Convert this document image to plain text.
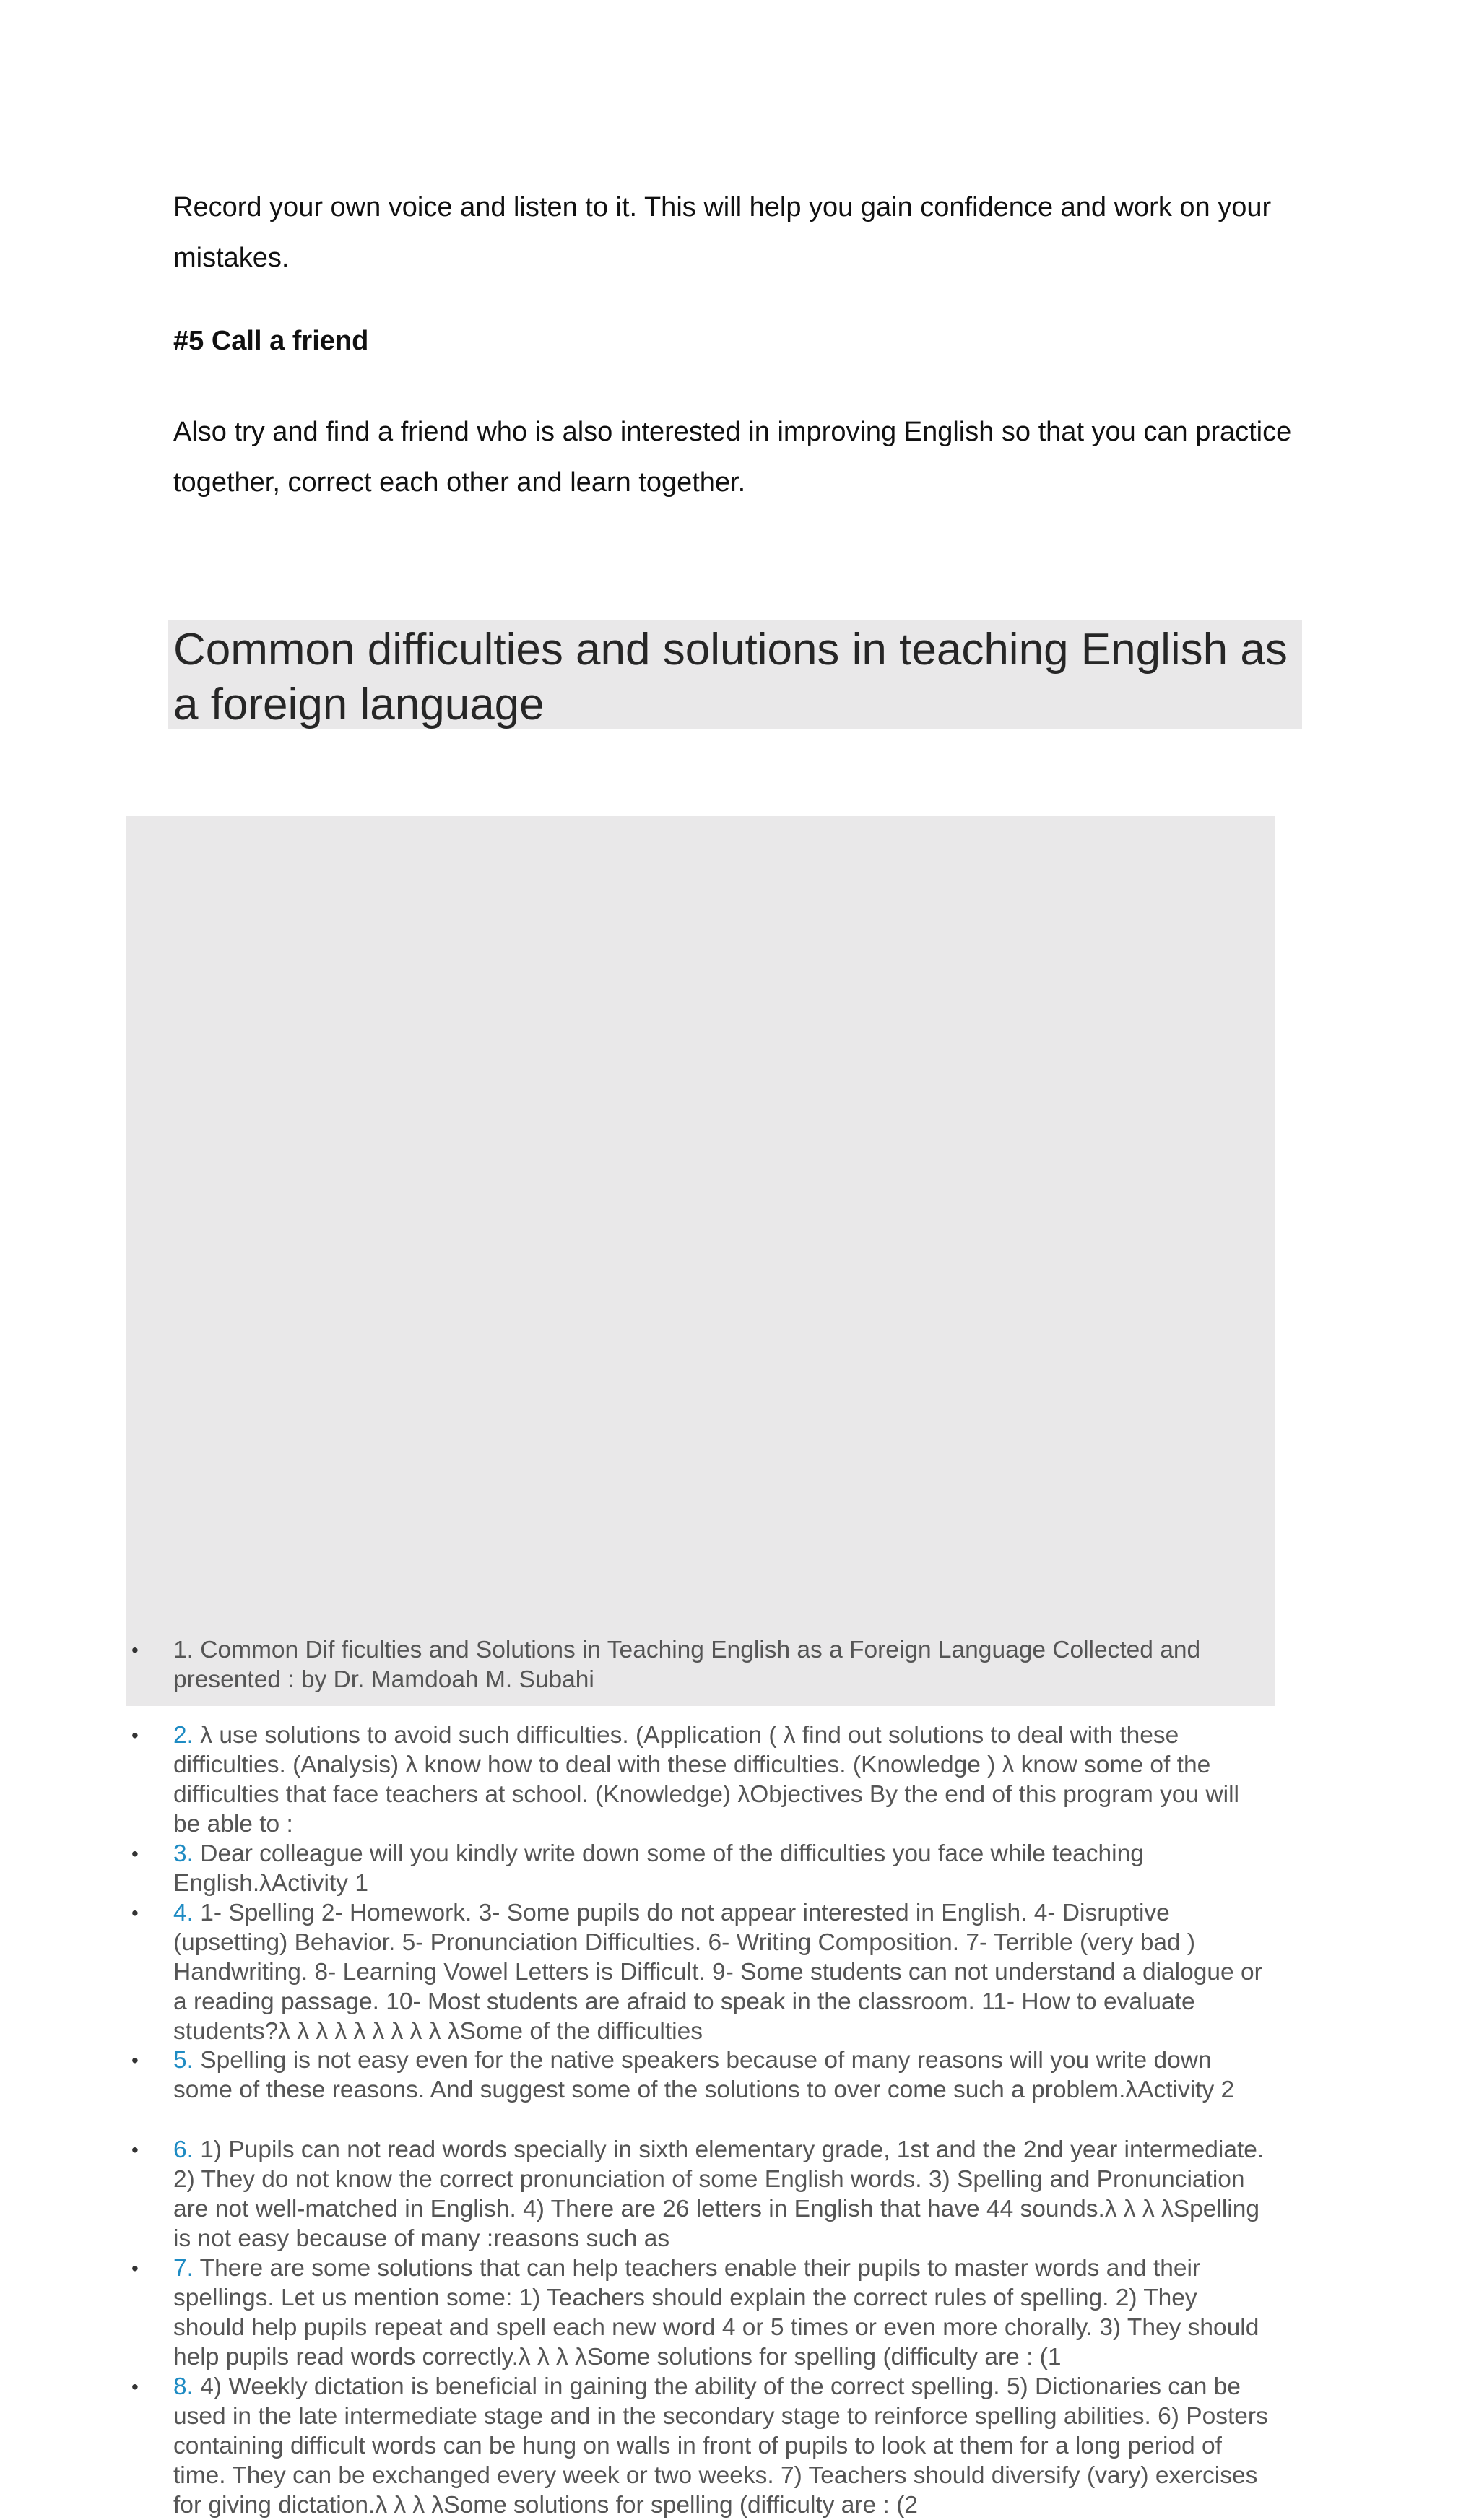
Record your own voice and listen to it. This will help you gain confidence and work on your mistakes.

#5 Call a friend

Also try and find a friend who is also interested in improving English so that you can practice together, correct each other and learn together.

Common difficulties and solutions in teaching English as a foreign language
• 1. Common Dif ficulties and Solutions in Teaching English as a Foreign Language Collected and presented : by Dr. Mamdoah M. Subahi
• 2. λ use solutions to avoid such difficulties. (Application ( λ find out solutions to deal with these difficulties. (Analysis) λ know how to deal with these difficulties. (Knowledge ) λ know some of the difficulties that face teachers at school. (Knowledge) λObjectives By the end of this program you will be able to :
• 3. Dear colleague will you kindly write down some of the difficulties you face while teaching English.λActivity 1
• 4. 1- Spelling 2- Homework. 3- Some pupils do not appear interested in English. 4- Disruptive (upsetting) Behavior. 5- Pronunciation Difficulties. 6- Writing Composition. 7- Terrible (very bad ) Handwriting. 8- Learning Vowel Letters is Difficult. 9- Some students can not understand a dialogue or a reading passage. 10- Most students are afraid to speak in the classroom. 11- How to evaluate students?λ λ λ λ λ λ λ λ λ λSome of the difficulties
• 5. Spelling is not easy even for the native speakers because of many reasons will you write down some of these reasons. And suggest some of the solutions to over come such a problem.λActivity 2
• 6. 1) Pupils can not read words specially in sixth elementary grade, 1st and the 2nd year intermediate. 2) They do not know the correct pronunciation of some English words. 3) Spelling and Pronunciation are not well-matched in English. 4) There are 26 letters in English that have 44 sounds.λ λ λ λSpelling is not easy because of many :reasons such as
• 7. There are some solutions that can help teachers enable their pupils to master words and their spellings. Let us mention some: 1) Teachers should explain the correct rules of spelling. 2) They should help pupils repeat and spell each new word 4 or 5 times or even more chorally. 3) They should help pupils read words correctly.λ λ λ λSome solutions for spelling (difficulty are : (1
• 8. 4) Weekly dictation is beneficial in gaining the ability of the correct spelling. 5) Dictionaries can be used in the late intermediate stage and in the secondary stage to reinforce spelling abilities. 6) Posters containing difficult words can be hung on walls in front of pupils to look at them for a long period of time. They can be exchanged every week or two weeks. 7) Teachers should diversify (vary) exercises for giving dictation.λ λ λ λSome solutions for spelling (difficulty are : (2
